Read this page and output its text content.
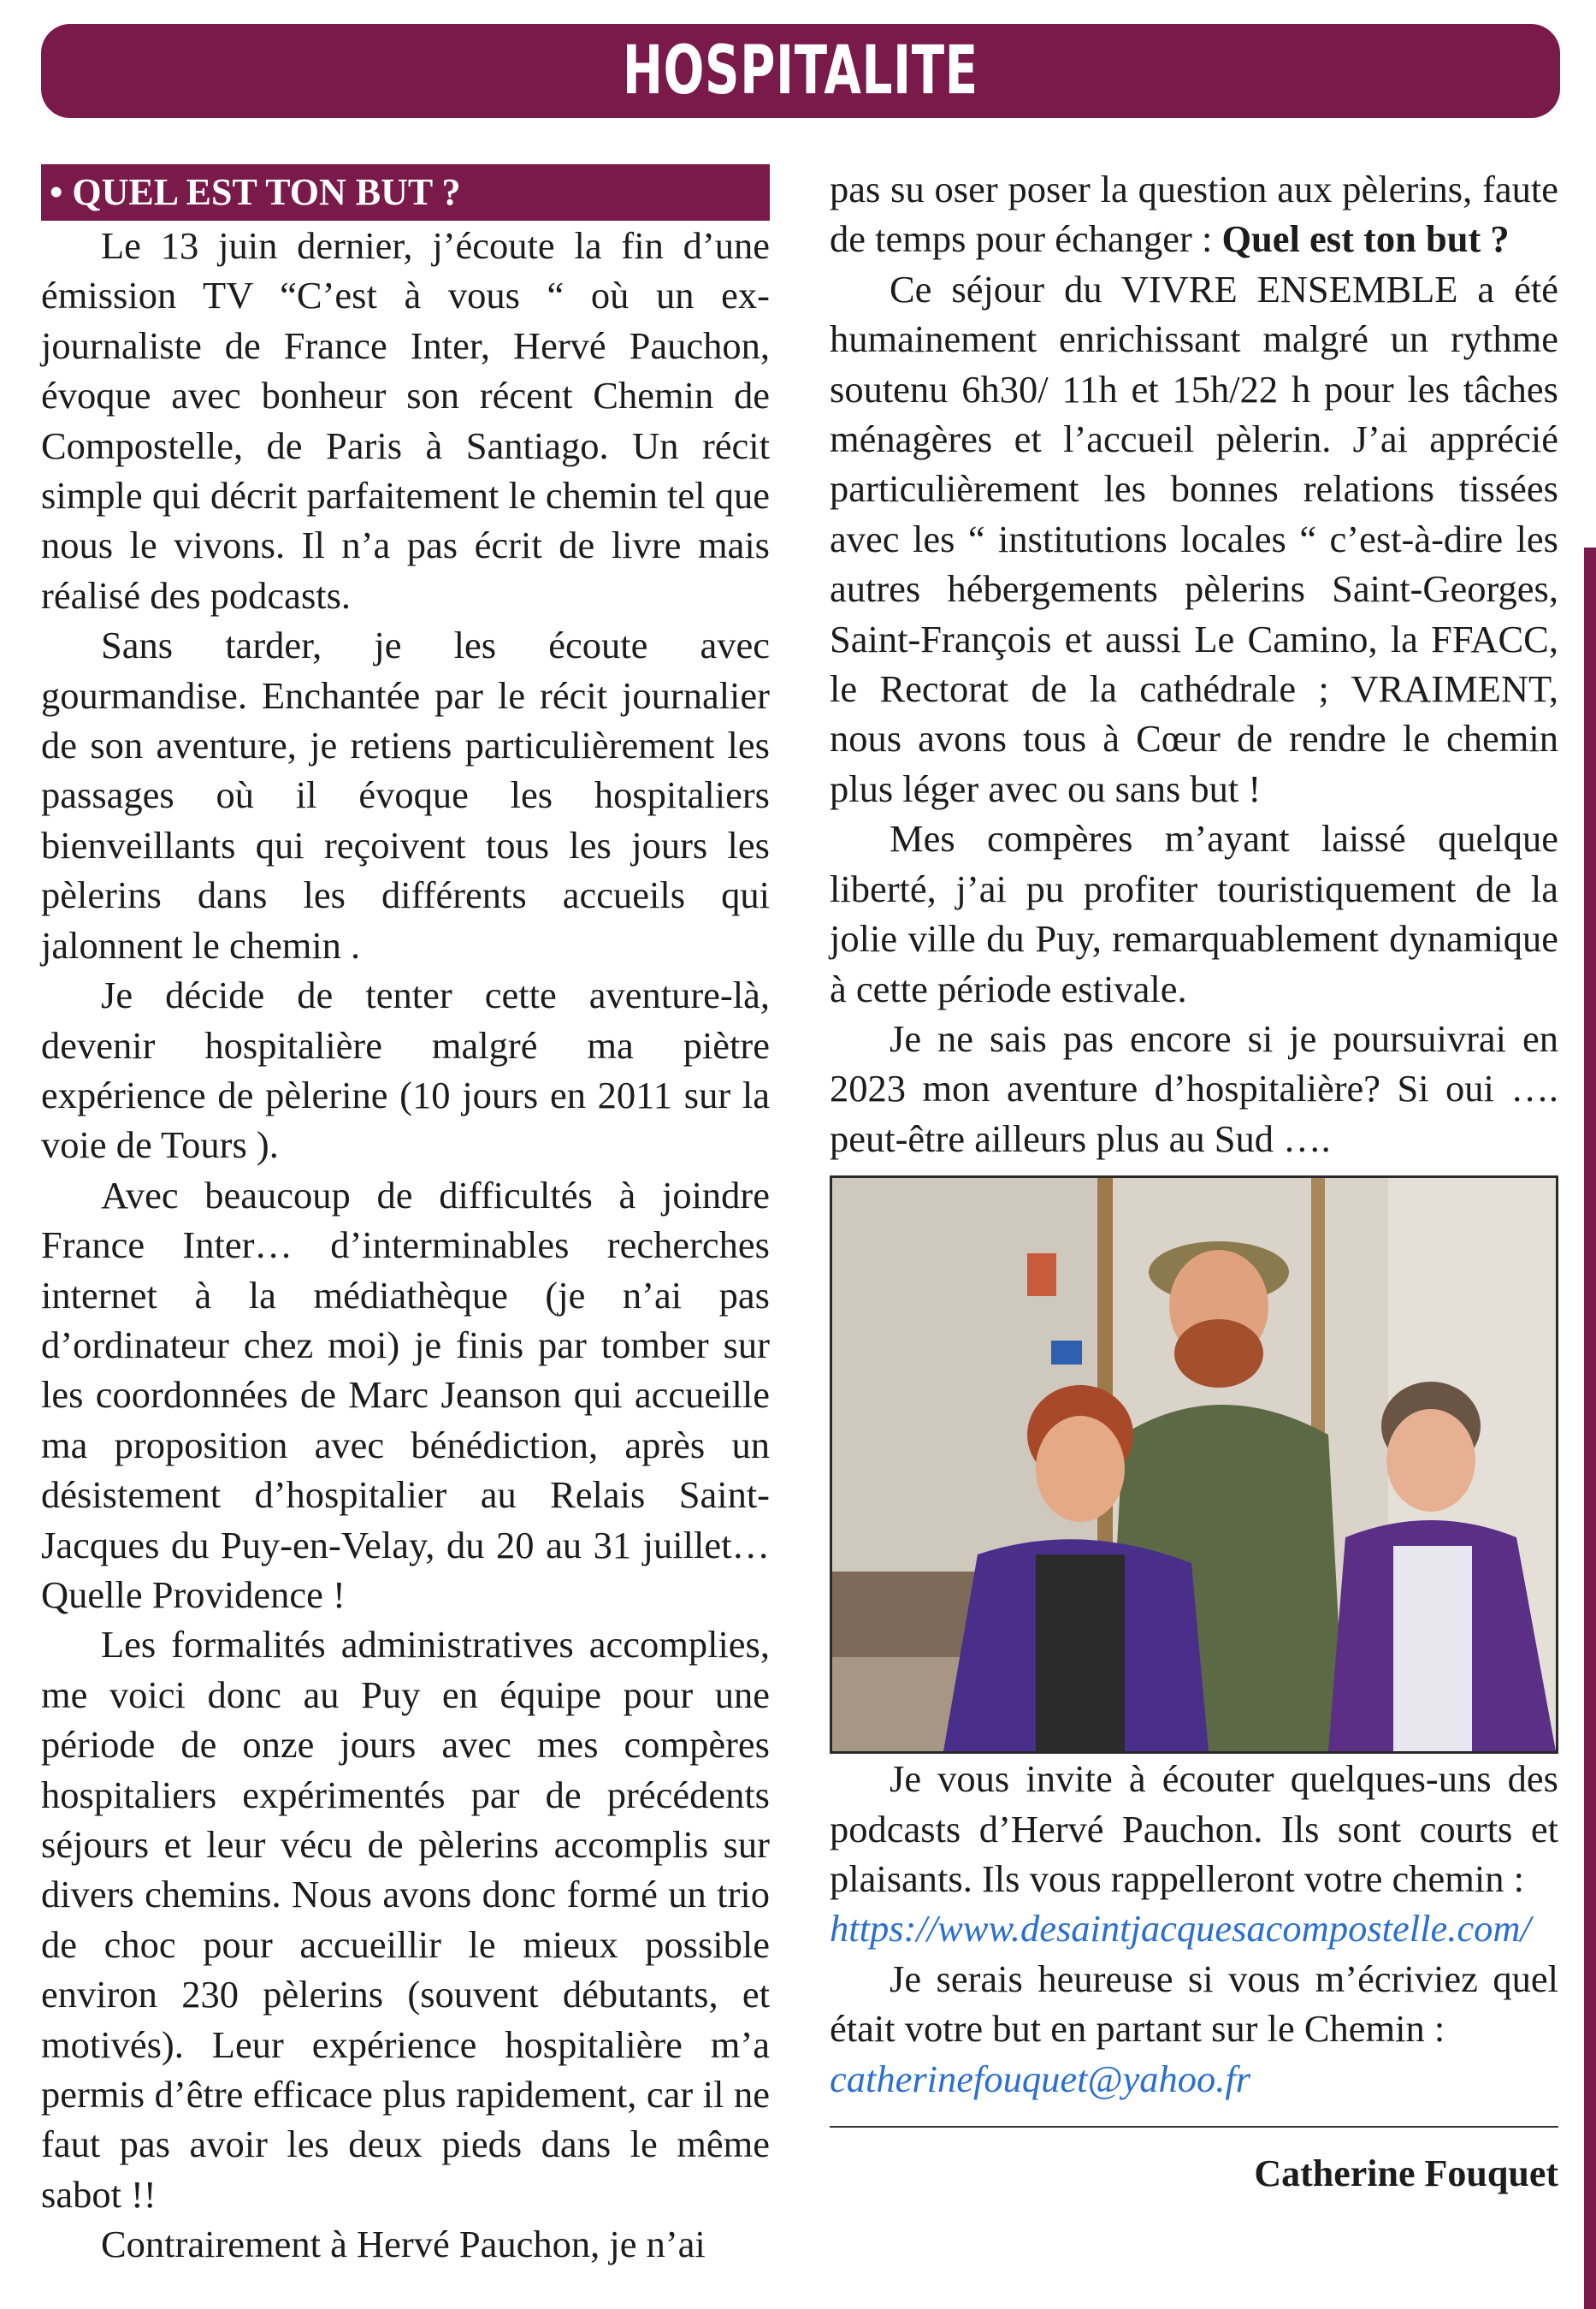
HOSPITALITE
• QUEL EST TON BUT ?

Le 13 juin dernier, j’écoute la fin d’une émission TV “C’est à vous “ où un ex-journaliste de France Inter, Hervé Pauchon, évoque avec bonheur son récent Chemin de Compostelle, de Paris à Santiago. Un récit simple qui décrit parfaitement le chemin tel que nous le vivons. Il n’a pas écrit de livre mais réalisé des podcasts.

Sans tarder, je les écoute avec gourmandise. Enchantée par le récit journalier de son aventure, je retiens particulièrement les passages où il évoque les hospitaliers bienveillants qui reçoivent tous les jours les pèlerins dans les différents accueils qui jalonnent le chemin .

Je décide de tenter cette aventure-là, devenir hospitalière malgré ma piètre expérience de pèlerine (10 jours en 2011 sur la voie de Tours ).

Avec beaucoup de difficultés à joindre France Inter… d’interminables recherches internet à la médiathèque (je n’ai pas d’ordinateur chez moi) je finis par tomber sur les coordonnées de Marc Jeanson qui accueille ma proposition avec bénédiction, après un désistement d’hospitalier au Relais Saint-Jacques du Puy-en-Velay, du 20 au 31 juillet… Quelle Providence !

Les formalités administratives accomplies, me voici donc au Puy en équipe pour une période de onze jours avec mes compères hospitaliers expérimentés par de précédents séjours et leur vécu de pèlerins accomplis sur divers chemins. Nous avons donc formé un trio de choc pour accueillir le mieux possible environ 230 pèlerins (souvent débutants, et motivés). Leur expérience hospitalière m’a permis d’être efficace plus rapidement, car il ne faut pas avoir les deux pieds dans le même sabot !!

Contrairement à Hervé Pauchon, je n’ai

pas su oser poser la question aux pèlerins, faute de temps pour échanger : Quel est ton but ?

Ce séjour du VIVRE ENSEMBLE a été humainement enrichissant malgré un rythme soutenu 6h30/ 11h et 15h/22 h pour les tâches ménagères et l’accueil pèlerin. J’ai apprécié particulièrement les bonnes relations tissées avec les “ institutions locales “ c’est-à-dire les autres hébergements pèlerins Saint-Georges, Saint-François et aussi Le Camino, la FFACC, le Rectorat de la cathédrale ; VRAIMENT, nous avons tous à Cœur de rendre le chemin plus léger avec ou sans but !

Mes compères m’ayant laissé quelque liberté, j’ai pu profiter touristiquement de la jolie ville du Puy, remarquablement dynamique à cette période estivale.

Je ne sais pas encore si je poursuivrai en 2023 mon aventure d’hospitalière? Si oui …. peut-être ailleurs plus au Sud ….

Je vous invite à écouter quelques-uns des podcasts d’Hervé Pauchon. Ils sont courts et plaisants. Ils vous rappelleront votre chemin :

https://www.desaintjacquesacompostelle.com/

Je serais heureuse si vous m’écriviez quel était votre but en partant sur le Chemin :

catherinefouquet@yahoo.fr

Catherine Fouquet
